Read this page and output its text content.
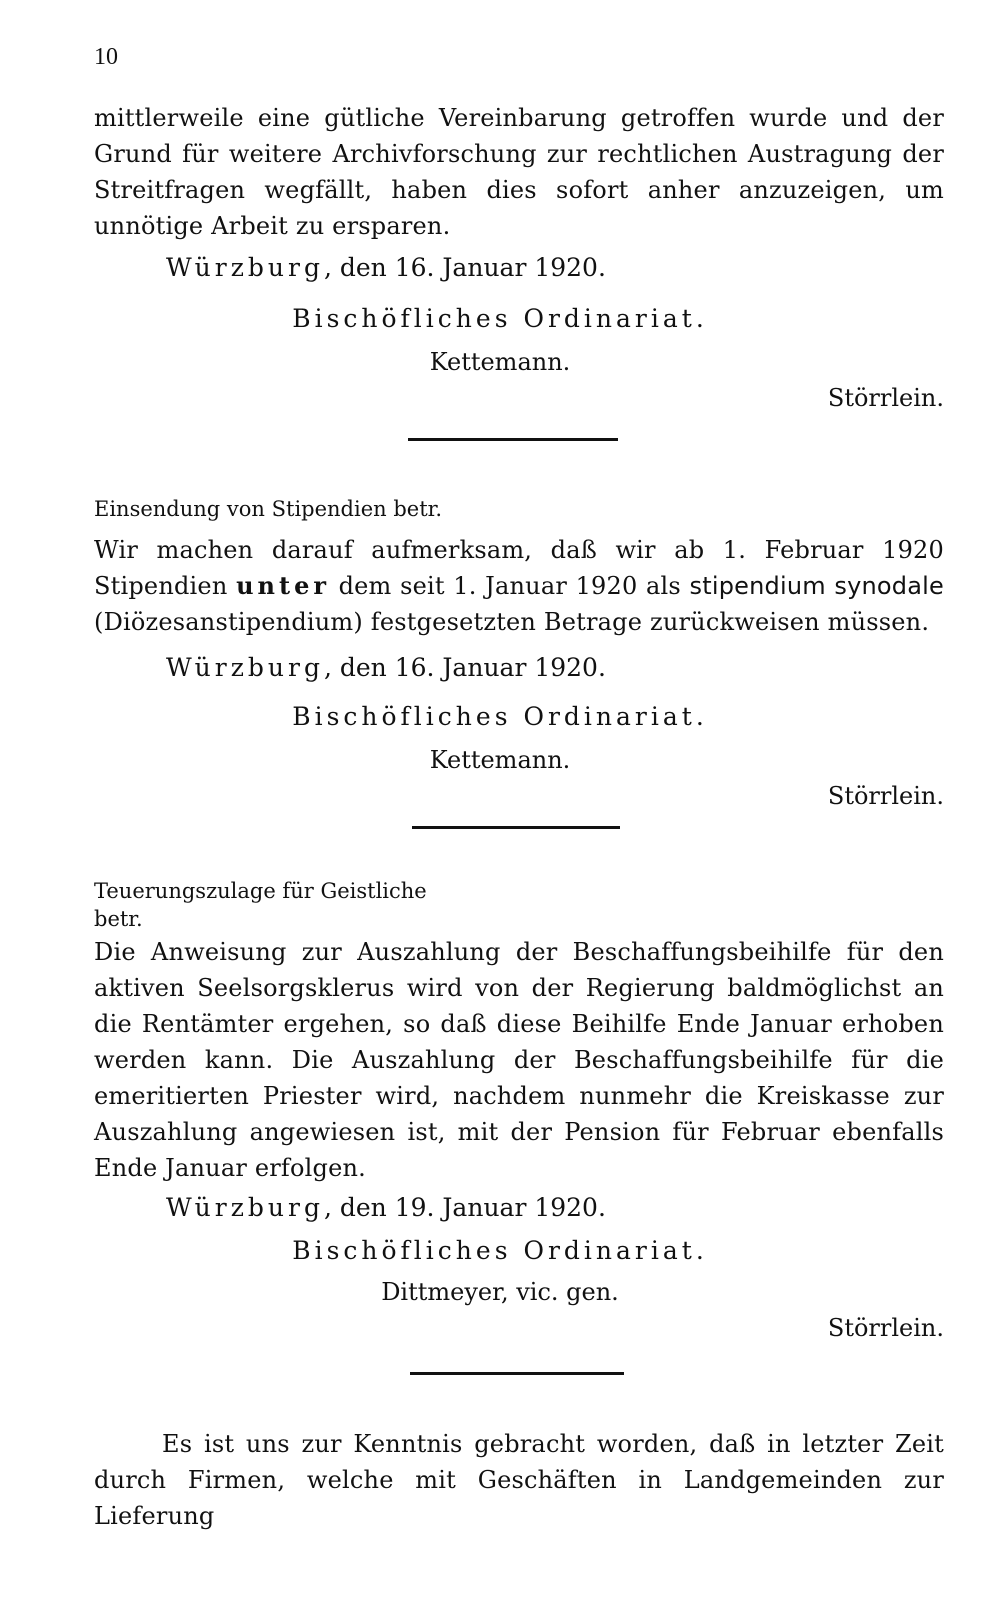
10
mittlerweile eine gütliche Vereinbarung getroffen wurde und der Grund für weitere Archivforschung zur rechtlichen Austragung der Streitfragen wegfällt, haben dies sofort anher anzuzeigen, um unnötige Arbeit zu ersparen.
Würzburg, den 16. Januar 1920.
Bischöfliches Ordinariat.
Kettemann.
Störrlein.
Einsendung von Stipendien betr.
Wir machen darauf aufmerksam, daß wir ab 1. Februar 1920 Stipendien unter dem seit 1. Januar 1920 als stipendium synodale (Diözesanstipendium) festgesetzten Betrage zurückweisen müssen.
Würzburg, den 16. Januar 1920.
Bischöfliches Ordinariat.
Kettemann.
Störrlein.
Teuerungszulage für Geistliche
betr.
Die Anweisung zur Auszahlung der Beschaffungsbeihilfe für den aktiven Seelsorgsklerus wird von der Regierung baldmöglichst an die Rentämter ergehen, so daß diese Beihilfe Ende Januar erhoben werden kann. Die Auszahlung der Beschaffungsbeihilfe für die emeritierten Priester wird, nachdem nunmehr die Kreiskasse zur Auszahlung angewiesen ist, mit der Pension für Februar ebenfalls Ende Januar erfolgen.
Würzburg, den 19. Januar 1920.
Bischöfliches Ordinariat.
Dittmeyer, vic. gen.
Störrlein.
Es ist uns zur Kenntnis gebracht worden, daß in letzter Zeit durch Firmen, welche mit Geschäften in Landgemeinden zur Lieferung
